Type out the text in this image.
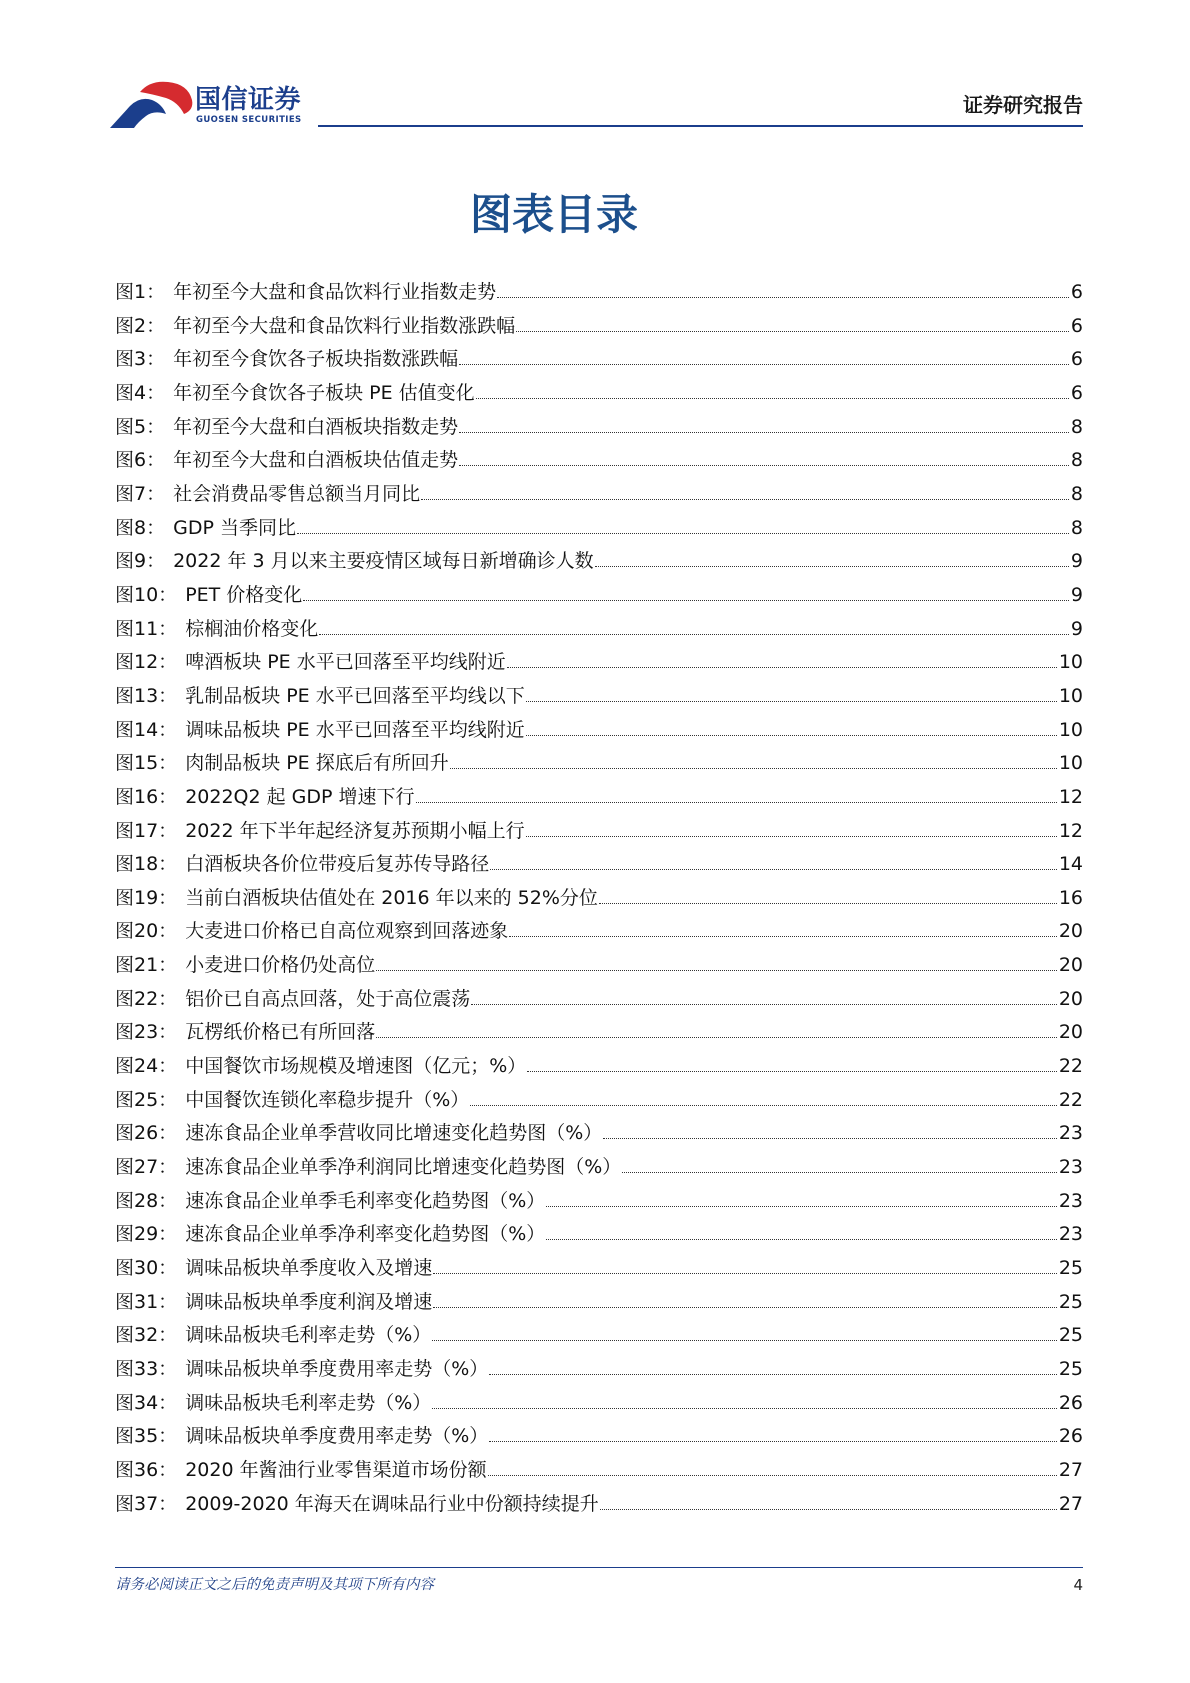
国信证券
GUOSEN SECURITIES
证券研究报告
图表目录
图1： 年初至今大盘和食品饮料行业指数走势	6
图2： 年初至今大盘和食品饮料行业指数涨跌幅	6
图3： 年初至今食饮各子板块指数涨跌幅	6
图4： 年初至今食饮各子板块 PE 估值变化	6
图5： 年初至今大盘和白酒板块指数走势	8
图6： 年初至今大盘和白酒板块估值走势	8
图7： 社会消费品零售总额当月同比	8
图8： GDP 当季同比	8
图9： 2022 年 3 月以来主要疫情区域每日新增确诊人数	9
图10： PET 价格变化	9
图11： 棕榈油价格变化	9
图12： 啤酒板块 PE 水平已回落至平均线附近	10
图13： 乳制品板块 PE 水平已回落至平均线以下	10
图14： 调味品板块 PE 水平已回落至平均线附近	10
图15： 肉制品板块 PE 探底后有所回升	10
图16： 2022Q2 起 GDP 增速下行	12
图17： 2022 年下半年起经济复苏预期小幅上行	12
图18： 白酒板块各价位带疫后复苏传导路径	14
图19： 当前白酒板块估值处在 2016 年以来的 52%分位	16
图20： 大麦进口价格已自高位观察到回落迹象	20
图21： 小麦进口价格仍处高位	20
图22： 铝价已自高点回落，处于高位震荡	20
图23： 瓦楞纸价格已有所回落	20
图24： 中国餐饮市场规模及增速图（亿元；%）	22
图25： 中国餐饮连锁化率稳步提升（%）	22
图26： 速冻食品企业单季营收同比增速变化趋势图（%）	23
图27： 速冻食品企业单季净利润同比增速变化趋势图（%）	23
图28： 速冻食品企业单季毛利率变化趋势图（%）	23
图29： 速冻食品企业单季净利率变化趋势图（%）	23
图30： 调味品板块单季度收入及增速	25
图31： 调味品板块单季度利润及增速	25
图32： 调味品板块毛利率走势（%）	25
图33： 调味品板块单季度费用率走势（%）	25
图34： 调味品板块毛利率走势（%）	26
图35： 调味品板块单季度费用率走势（%）	26
图36： 2020 年酱油行业零售渠道市场份额	27
图37： 2009-2020 年海天在调味品行业中份额持续提升	27
请务必阅读正文之后的免责声明及其项下所有内容	4
